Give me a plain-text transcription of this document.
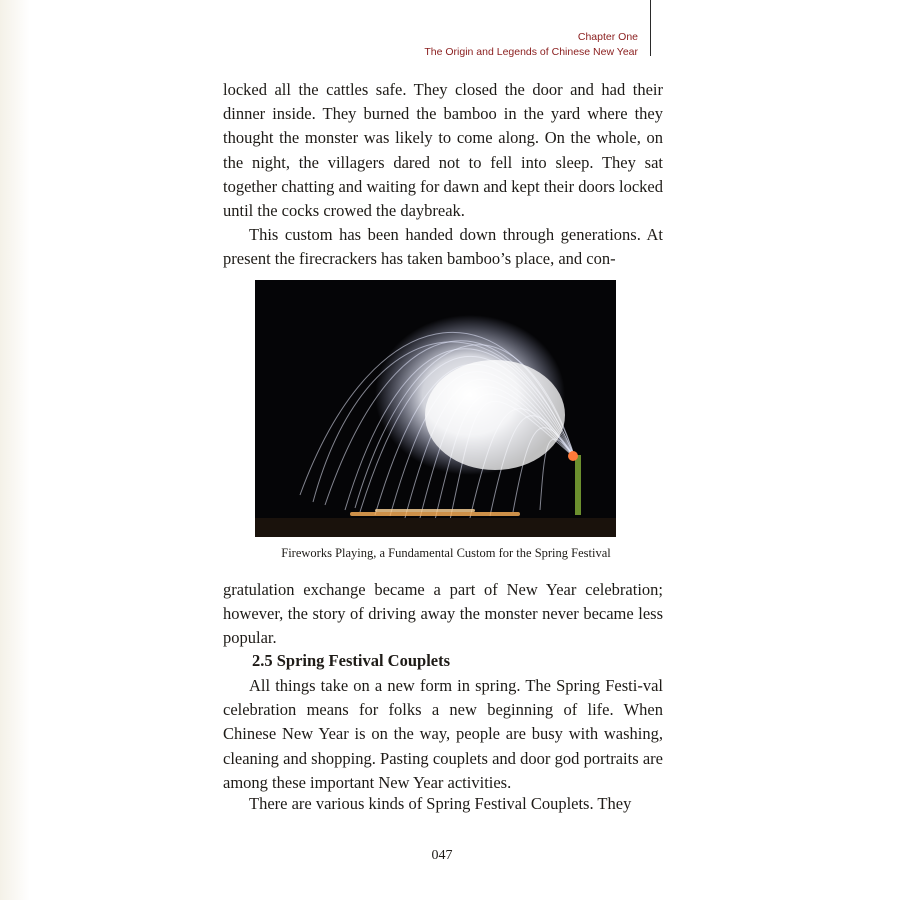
Chapter One
The Origin and Legends of Chinese New Year

locked all the cattles safe. They closed the door and had their dinner inside. They burned the bamboo in the yard where they thought the monster was likely to come along. On the whole, on the night, the villagers dared not to fell into sleep. They sat together chatting and waiting for dawn and kept their doors locked until the cocks crowed the daybreak.

This custom has been handed down through generations. At present the firecrackers has taken bamboo’s place, and con-

Fireworks Playing, a Fundamental Custom for the Spring Festival

gratulation exchange became a part of New Year celebration; however, the story of driving away the monster never became less popular.

2.5 Spring Festival Couplets

All things take on a new form in spring. The Spring Festi-val celebration means for folks a new beginning of life. When Chinese New Year is on the way, people are busy with washing, cleaning and shopping. Pasting couplets and door god portraits are among these important New Year activities.

There are various kinds of Spring Festival Couplets. They

047
